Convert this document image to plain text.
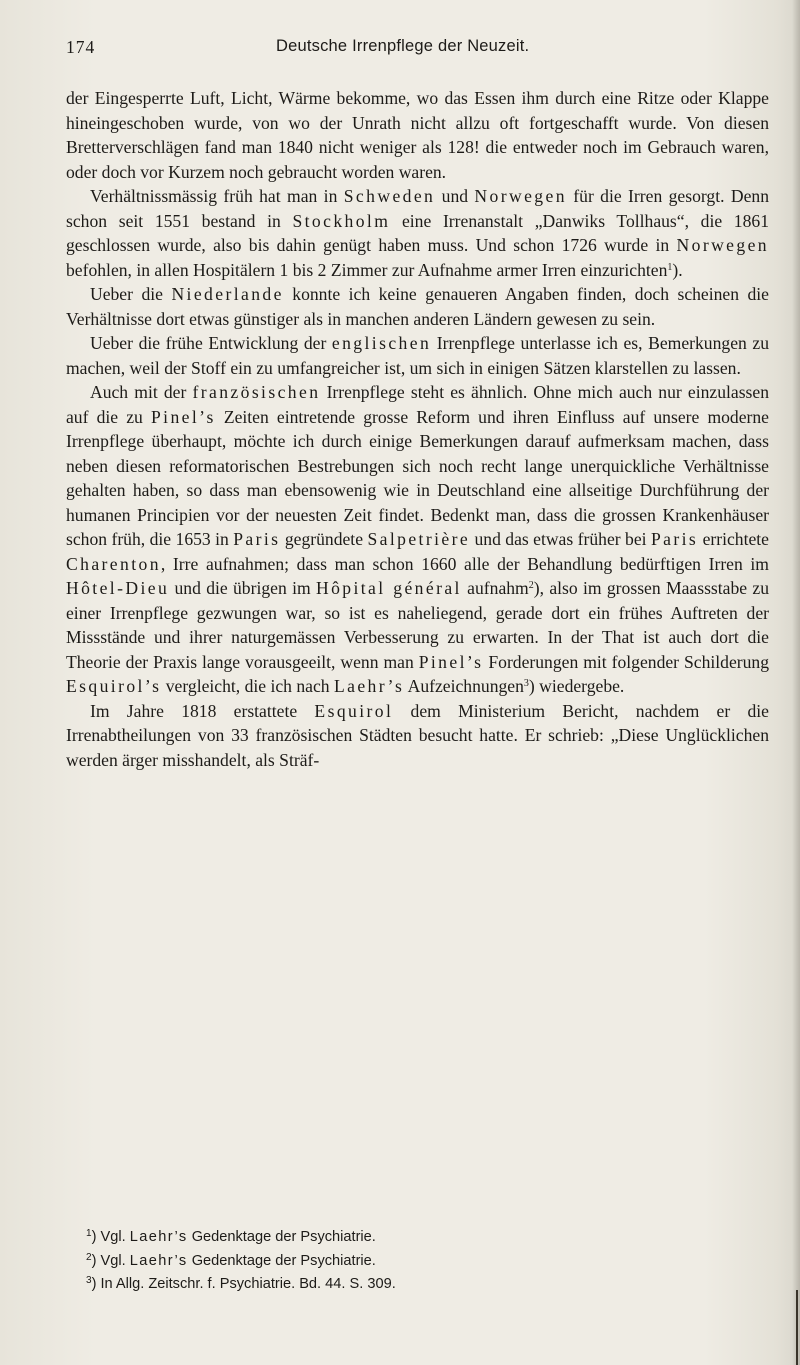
174	Deutsche Irrenpflege der Neuzeit.

der Eingesperrte Luft, Licht, Wärme bekomme, wo das Essen ihm durch eine Ritze oder Klappe hineingeschoben wurde, von wo der Unrath nicht allzu oft fortgeschafft wurde. Von diesen Bretterverschlägen fand man 1840 nicht weniger als 128! die entweder noch im Gebrauch waren, oder doch vor Kurzem noch gebraucht worden waren.

Verhältnissmässig früh hat man in Schweden und Norwegen für die Irren gesorgt. Denn schon seit 1551 bestand in Stockholm eine Irrenanstalt „Danwiks Tollhaus“, die 1861 geschlossen wurde, also bis dahin genügt haben muss. Und schon 1726 wurde in Norwegen befohlen, in allen Hospitälern 1 bis 2 Zimmer zur Aufnahme armer Irren einzurichten$^1$).

Ueber die Niederlande konnte ich keine genaueren Angaben finden, doch scheinen die Verhältnisse dort etwas günstiger als in manchen anderen Ländern gewesen zu sein.

Ueber die frühe Entwicklung der englischen Irrenpflege unterlasse ich es, Bemerkungen zu machen, weil der Stoff ein zu umfangreicher ist, um sich in einigen Sätzen klarstellen zu lassen.

Auch mit der französischen Irrenpflege steht es ähnlich. Ohne mich auch nur einzulassen auf die zu Pinel’s Zeiten eintretende grosse Reform und ihren Einfluss auf unsere moderne Irrenpflege überhaupt, möchte ich durch einige Bemerkungen darauf aufmerksam machen, dass neben diesen reformatorischen Bestrebungen sich noch recht lange unerquickliche Verhältnisse gehalten haben, so dass man ebensowenig wie in Deutschland eine allseitige Durchführung der humanen Principien vor der neuesten Zeit findet. Bedenkt man, dass die grossen Krankenhäuser schon früh, die 1653 in Paris gegründete Salpetrière und das etwas früher bei Paris errichtete Charenton, Irre aufnahmen; dass man schon 1660 alle der Behandlung bedürftigen Irren im Hôtel-Dieu und die übrigen im Hôpital général aufnahm$^2$), also im grossen Maassstabe zu einer Irrenpflege gezwungen war, so ist es naheliegend, gerade dort ein frühes Auftreten der Missstände und ihrer naturgemässen Verbesserung zu erwarten. In der That ist auch dort die Theorie der Praxis lange vorausgeeilt, wenn man Pinel’s Forderungen mit folgender Schilderung Esquirol’s vergleicht, die ich nach Laehr’s Aufzeichnungen$^3$) wiedergebe.

Im Jahre 1818 erstattete Esquirol dem Ministerium Bericht, nachdem er die Irrenabtheilungen von 33 französischen Städten besucht hatte. Er schrieb: „Diese Unglücklichen werden ärger misshandelt, als Sträf-

$^1$) Vgl. Laehr’s Gedenktage der Psychiatrie.
$^2$) Vgl. Laehr’s Gedenktage der Psychiatrie.
$^3$) In Allg. Zeitschr. f. Psychiatrie. Bd. 44. S. 309.
